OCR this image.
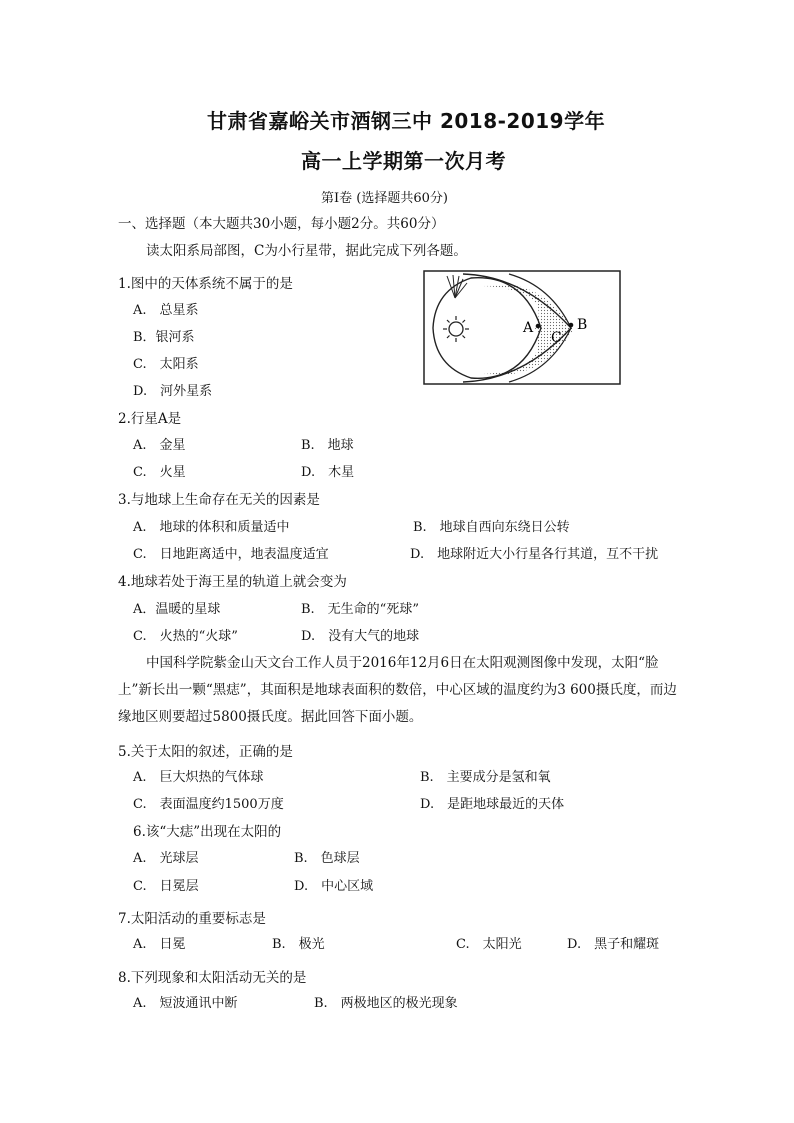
甘肃省嘉峪关市酒钢三中 2018-2019学年
高一上学期第一次月考
第Ⅰ卷 (选择题共60分)
一、选择题（本大题共30小题，每小题2分。共60分）
读太阳系局部图，C为小行星带，据此完成下列各题。
1.图中的天体系统不属于的是
A.　总星系
B．银河系
C.　太阳系
D.　河外星系
A	B
C
2.行星A是
A.　金星	B.　地球
C.　火星	D.　木星
3.与地球上生命存在无关的因素是
A.　地球的体积和质量适中	B.　地球自西向东绕日公转
C.　日地距离适中，地表温度适宜	D.　地球附近大小行星各行其道，互不干扰
4.地球若处于海王星的轨道上就会变为
A．温暖的星球	B.　无生命的“死球”
C.　火热的“火球”	D.　没有大气的地球
中国科学院紫金山天文台工作人员于2016年12月6日在太阳观测图像中发现，太阳“脸上”新长出一颗“黑痣”，其面积是地球表面积的数倍，中心区域的温度约为3 600摄氏度，而边缘地区则要超过5800摄氏度。据此回答下面小题。
5.关于太阳的叙述，正确的是
A.　巨大炽热的气体球	B.　主要成分是氢和氧
C.　表面温度约1500万度	D.　是距地球最近的天体
6.该“大痣”出现在太阳的
A.　光球层	B.　色球层
C.　日冕层	D.　中心区域
7.太阳活动的重要标志是
A.　日冕	B.　极光	C.　太阳光	D.　黑子和耀斑
8.下列现象和太阳活动无关的是
A.　短波通讯中断	B.　两极地区的极光现象
